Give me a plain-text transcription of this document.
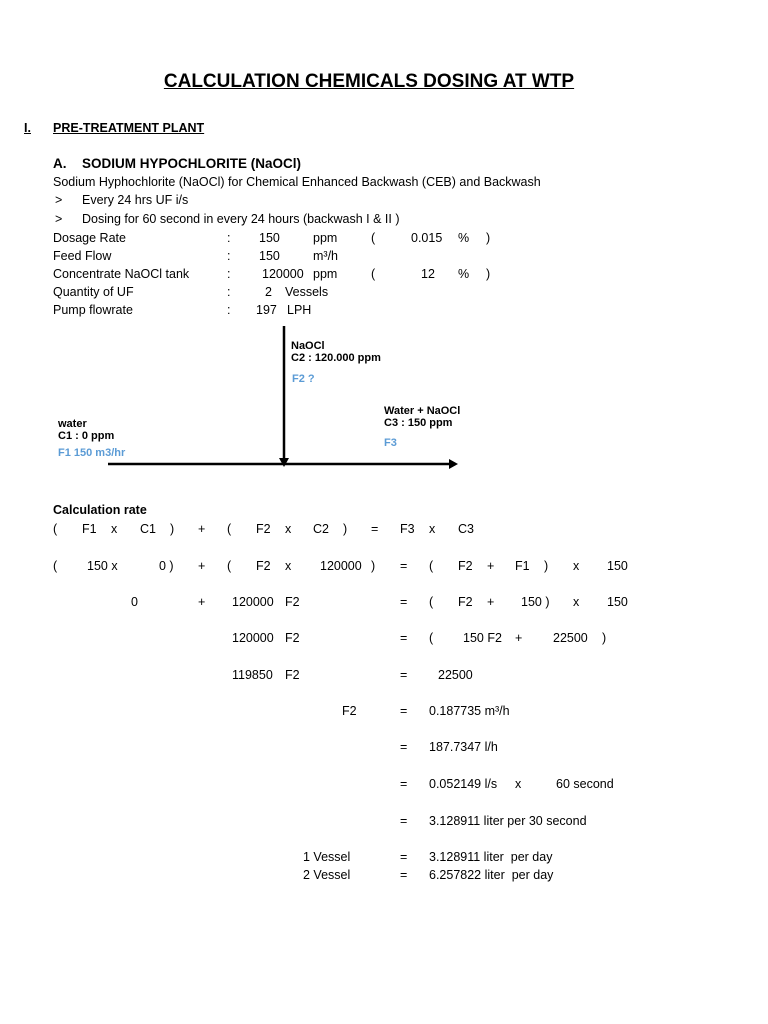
CALCULATION CHEMICALS DOSING AT WTP
I. PRE-TREATMENT PLANT
A. SODIUM HYPOCHLORITE (NaOCl)
Sodium Hyphochlorite (NaOCl) for Chemical Enhanced Backwash (CEB) and Backwash
> Every 24 hrs UF i/s
> Dosing for 60 second in every 24 hours (backwash I & II )
Dosage Rate	: 150	ppm	(	0.015 % )
Feed Flow	: 150	m³/h
Concentrate NaOCl tank	:	120000 ppm	(	12 % )
Quantity of UF	:	2 Vessels
Pump flowrate	: 197 LPH
NaOCl
C2 : 120.000 ppm
F2 ?
water
C1 : 0 ppm
F1 150 m3/hr
Water + NaOCl
C3 : 150 ppm
F3
Calculation rate
( F1 x C1 ) + ( F2 x C2 ) = F3 x C3
( 150 x	0 ) + ( F2 x 120000 ) = ( F2 + F1 ) x 150
0	+ 120000 F2	= ( F2 + 150 ) x 150
120000 F2	= ( 150 F2 + 22500 )
119850 F2	= 22500
F2	= 0.187735 m³/h
= 187.7347 l/h
= 0.052149 l/s x	60 second
= 3.128911 liter per 30 second
1 Vessel	= 3.128911 liter  per day
2 Vessel	= 6.257822 liter  per day
